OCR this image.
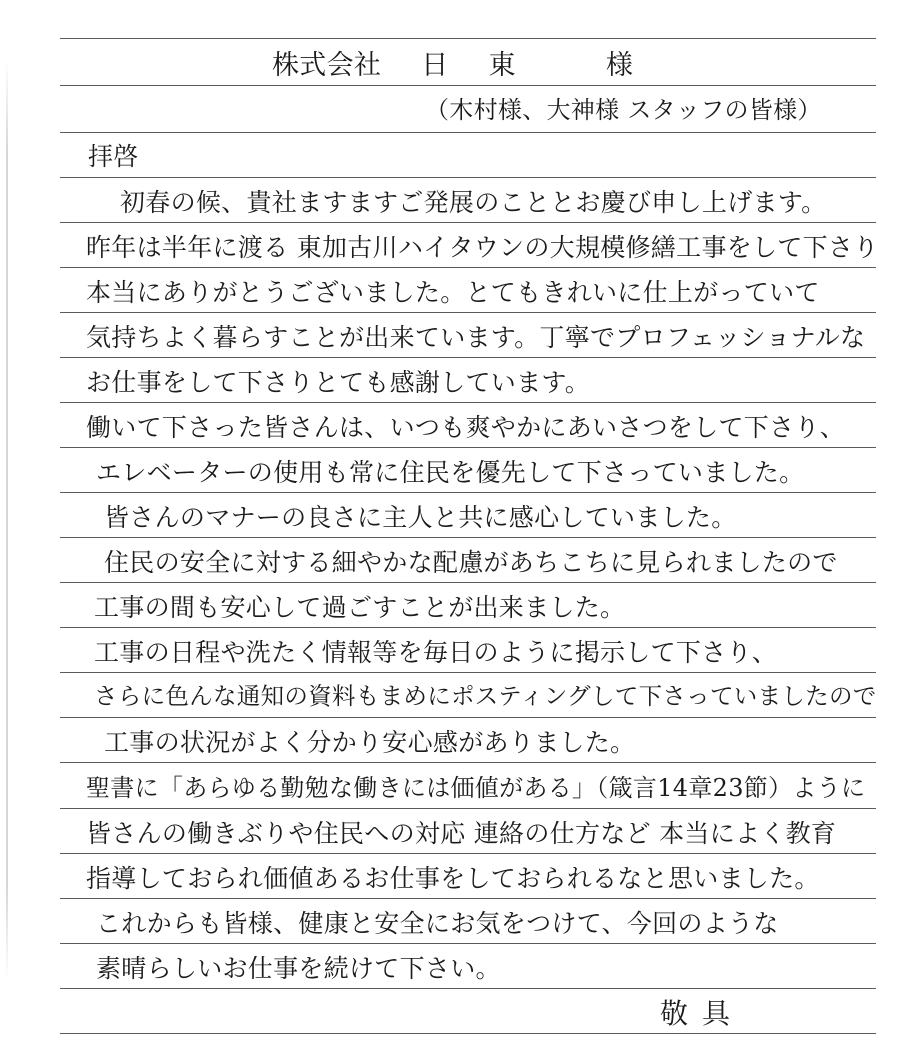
株式会社 日 東	様
（木村様、大神様 スタッフの皆様）
拝啓
初春の候、貴社ますますご発展のこととお慶び申し上げます。
昨年は半年に渡る 東加古川ハイタウンの大規模修繕工事をして下さり
本当にありがとうございました。とてもきれいに仕上がっていて
気持ちよく暮らすことが出来ています。丁寧でプロフェッショナルな
お仕事をして下さりとても感謝しています。
働いて下さった皆さんは、いつも爽やかにあいさつをして下さり、
エレベーターの使用も常に住民を優先して下さっていました。
皆さんのマナーの良さに主人と共に感心していました。
住民の安全に対する細やかな配慮があちこちに見られましたので
工事の間も安心して過ごすことが出来ました。
工事の日程や洗たく情報等を毎日のように掲示して下さり、
さらに色んな通知の資料もまめにポスティングして下さっていましたので
工事の状況がよく分かり安心感がありました。
聖書に「あらゆる勤勉な働きには価値がある」（箴言14章23節）ように
皆さんの働きぶりや住民への対応 連絡の仕方など 本当によく教育
指導しておられ価値あるお仕事をしておられるなと思いました。
これからも皆様、健康と安全にお気をつけて、今回のような
素晴らしいお仕事を続けて下さい。
敬具
